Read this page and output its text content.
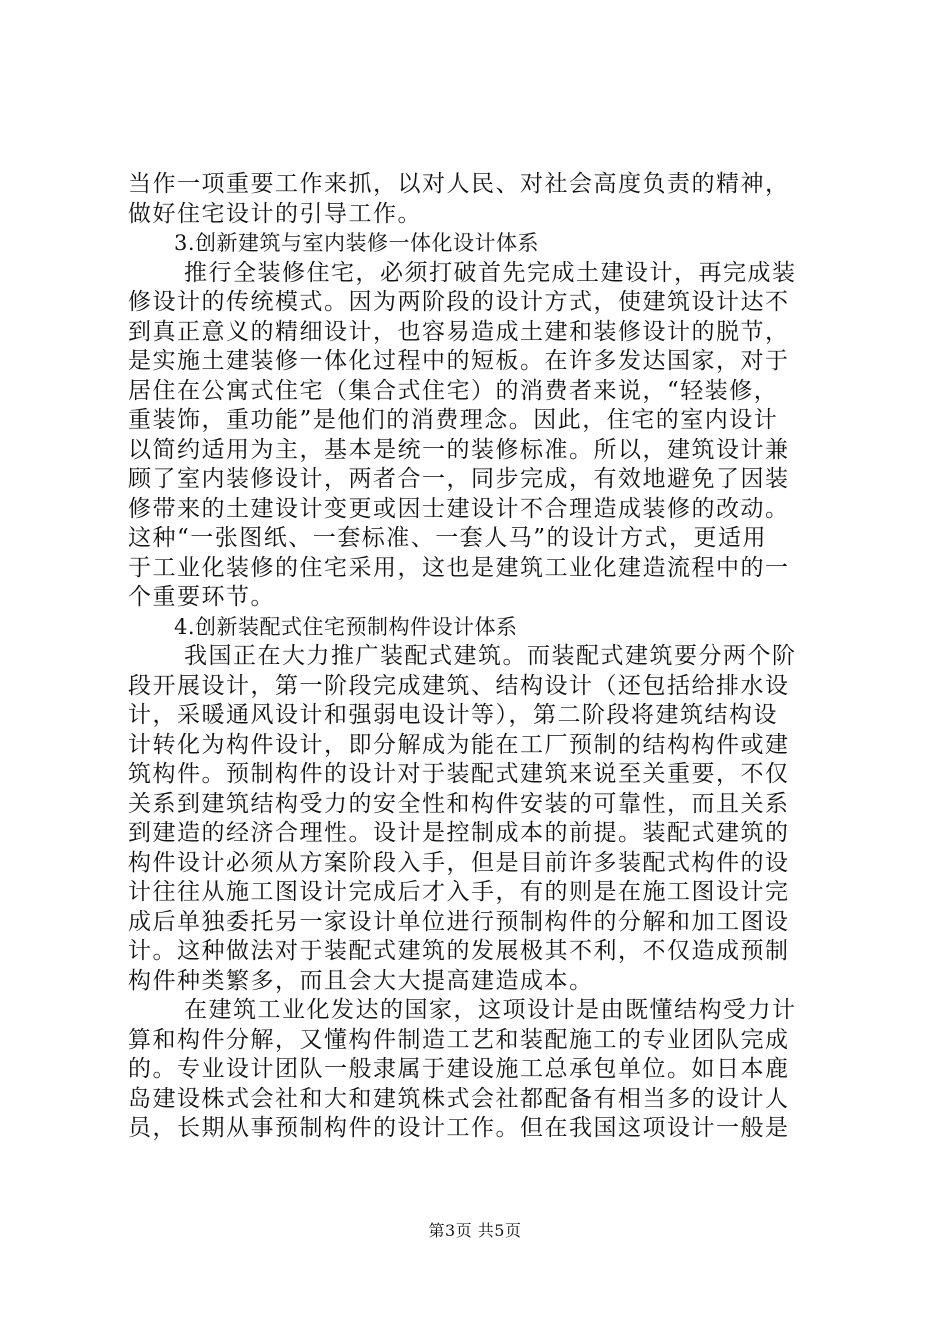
当作一项重要工作来抓，以对人民、对社会高度负责的精神，
做好住宅设计的引导工作。
3.创新建筑与室内装修一体化设计体系
推行全装修住宅，必须打破首先完成土建设计，再完成装
修设计的传统模式。因为两阶段的设计方式，使建筑设计达不
到真正意义的精细设计，也容易造成土建和装修设计的脱节，
是实施土建装修一体化过程中的短板。在许多发达国家，对于
居住在公寓式住宅（集合式住宅）的消费者来说，“轻装修，
重装饰，重功能”是他们的消费理念。因此，住宅的室内设计
以简约适用为主，基本是统一的装修标准。所以，建筑设计兼
顾了室内装修设计，两者合一，同步完成，有效地避免了因装
修带来的土建设计变更或因士建设计不合理造成装修的改动。
这种“一张图纸、一套标准、一套人马”的设计方式，更适用
于工业化装修的住宅采用，这也是建筑工业化建造流程中的一
个重要环节。
4.创新装配式住宅预制构件设计体系
我国正在大力推广装配式建筑。而装配式建筑要分两个阶
段开展设计，第一阶段完成建筑、结构设计（还包括给排水设
计，采暖通风设计和强弱电设计等），第二阶段将建筑结构设
计转化为构件设计，即分解成为能在工厂预制的结构构件或建
筑构件。预制构件的设计对于装配式建筑来说至关重要，不仅
关系到建筑结构受力的安全性和构件安装的可靠性，而且关系
到建造的经济合理性。设计是控制成本的前提。装配式建筑的
构件设计必须从方案阶段入手，但是目前许多装配式构件的设
计往往从施工图设计完成后才入手，有的则是在施工图设计完
成后单独委托另一家设计单位进行预制构件的分解和加工图设
计。这种做法对于装配式建筑的发展极其不利，不仅造成预制
构件种类繁多，而且会大大提高建造成本。
在建筑工业化发达的国家，这项设计是由既懂结构受力计
算和构件分解，又懂构件制造工艺和装配施工的专业团队完成
的。专业设计团队一般隶属于建设施工总承包单位。如日本鹿
岛建设株式会社和大和建筑株式会社都配备有相当多的设计人
员，长期从事预制构件的设计工作。但在我国这项设计一般是
第3页 共5页
